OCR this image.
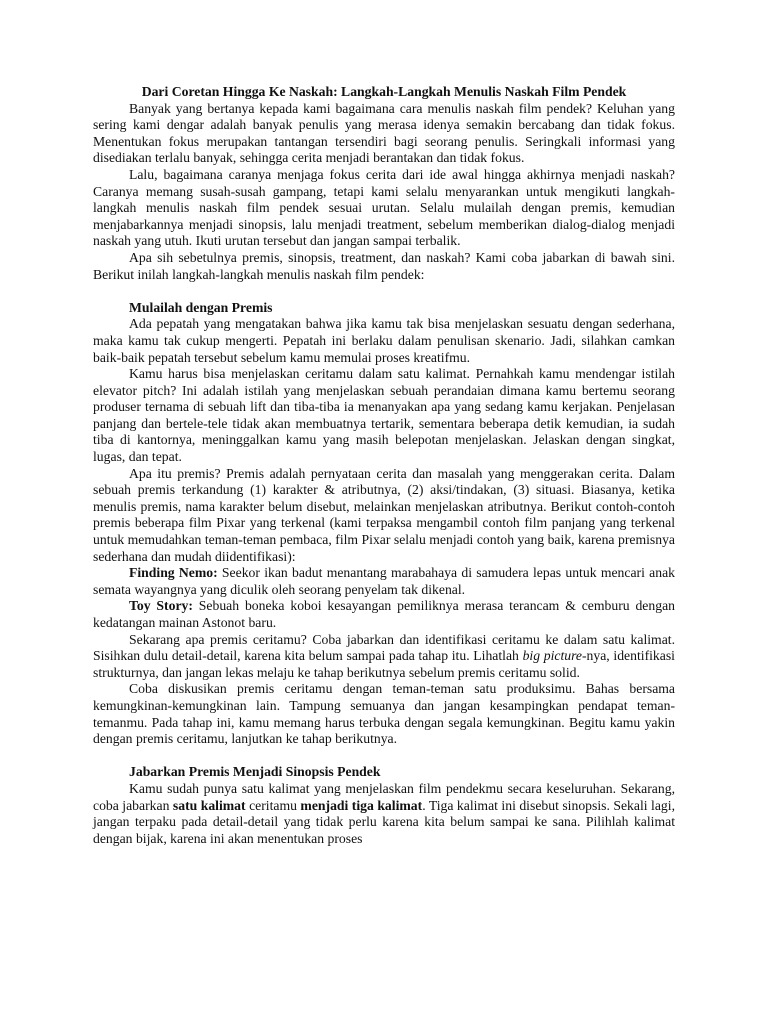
Dari Coretan Hingga Ke Naskah: Langkah-Langkah Menulis Naskah Film Pendek

Banyak yang bertanya kepada kami bagaimana cara menulis naskah film pendek? Keluhan yang sering kami dengar adalah banyak penulis yang merasa idenya semakin bercabang dan tidak fokus. Menentukan fokus merupakan tantangan tersendiri bagi seorang penulis. Seringkali informasi yang disediakan terlalu banyak, sehingga cerita menjadi berantakan dan tidak fokus.

Lalu, bagaimana caranya menjaga fokus cerita dari ide awal hingga akhirnya menjadi naskah? Caranya memang susah-susah gampang, tetapi kami selalu menyarankan untuk mengikuti langkah-langkah menulis naskah film pendek sesuai urutan. Selalu mulailah dengan premis, kemudian menjabarkannya menjadi sinopsis, lalu menjadi treatment, sebelum memberikan dialog-dialog menjadi naskah yang utuh. Ikuti urutan tersebut dan jangan sampai terbalik.

Apa sih sebetulnya premis, sinopsis, treatment, dan naskah? Kami coba jabarkan di bawah sini. Berikut inilah langkah-langkah menulis naskah film pendek:

Mulailah dengan Premis

Ada pepatah yang mengatakan bahwa jika kamu tak bisa menjelaskan sesuatu dengan sederhana, maka kamu tak cukup mengerti. Pepatah ini berlaku dalam penulisan skenario. Jadi, silahkan camkan baik-baik pepatah tersebut sebelum kamu memulai proses kreatifmu.

Kamu harus bisa menjelaskan ceritamu dalam satu kalimat. Pernahkah kamu mendengar istilah elevator pitch? Ini adalah istilah yang menjelaskan sebuah perandaian dimana kamu bertemu seorang produser ternama di sebuah lift dan tiba-tiba ia menanyakan apa yang sedang kamu kerjakan. Penjelasan panjang dan bertele-tele tidak akan membuatnya tertarik, sementara beberapa detik kemudian, ia sudah tiba di kantornya, meninggalkan kamu yang masih belepotan menjelaskan. Jelaskan dengan singkat, lugas, dan tepat.

Apa itu premis? Premis adalah pernyataan cerita dan masalah yang menggerakan cerita. Dalam sebuah premis terkandung (1) karakter & atributnya, (2) aksi/tindakan, (3) situasi. Biasanya, ketika menulis premis, nama karakter belum disebut, melainkan menjelaskan atributnya. Berikut contoh-contoh premis beberapa film Pixar yang terkenal (kami terpaksa mengambil contoh film panjang yang terkenal untuk memudahkan teman-teman pembaca, film Pixar selalu menjadi contoh yang baik, karena premisnya sederhana dan mudah diidentifikasi):

Finding Nemo: Seekor ikan badut menantang marabahaya di samudera lepas untuk mencari anak semata wayangnya yang diculik oleh seorang penyelam tak dikenal.

Toy Story: Sebuah boneka koboi kesayangan pemiliknya merasa terancam & cemburu dengan kedatangan mainan Astonot baru.

Sekarang apa premis ceritamu? Coba jabarkan dan identifikasi ceritamu ke dalam satu kalimat. Sisihkan dulu detail-detail, karena kita belum sampai pada tahap itu. Lihatlah big picture-nya, identifikasi strukturnya, dan jangan lekas melaju ke tahap berikutnya sebelum premis ceritamu solid.

Coba diskusikan premis ceritamu dengan teman-teman satu produksimu. Bahas bersama kemungkinan-kemungkinan lain. Tampung semuanya dan jangan kesampingkan pendapat teman-temanmu. Pada tahap ini, kamu memang harus terbuka dengan segala kemungkinan. Begitu kamu yakin dengan premis ceritamu, lanjutkan ke tahap berikutnya.

Jabarkan Premis Menjadi Sinopsis Pendek

Kamu sudah punya satu kalimat yang menjelaskan film pendekmu secara keseluruhan. Sekarang, coba jabarkan satu kalimat ceritamu menjadi tiga kalimat. Tiga kalimat ini disebut sinopsis. Sekali lagi, jangan terpaku pada detail-detail yang tidak perlu karena kita belum sampai ke sana. Pilihlah kalimat dengan bijak, karena ini akan menentukan proses
